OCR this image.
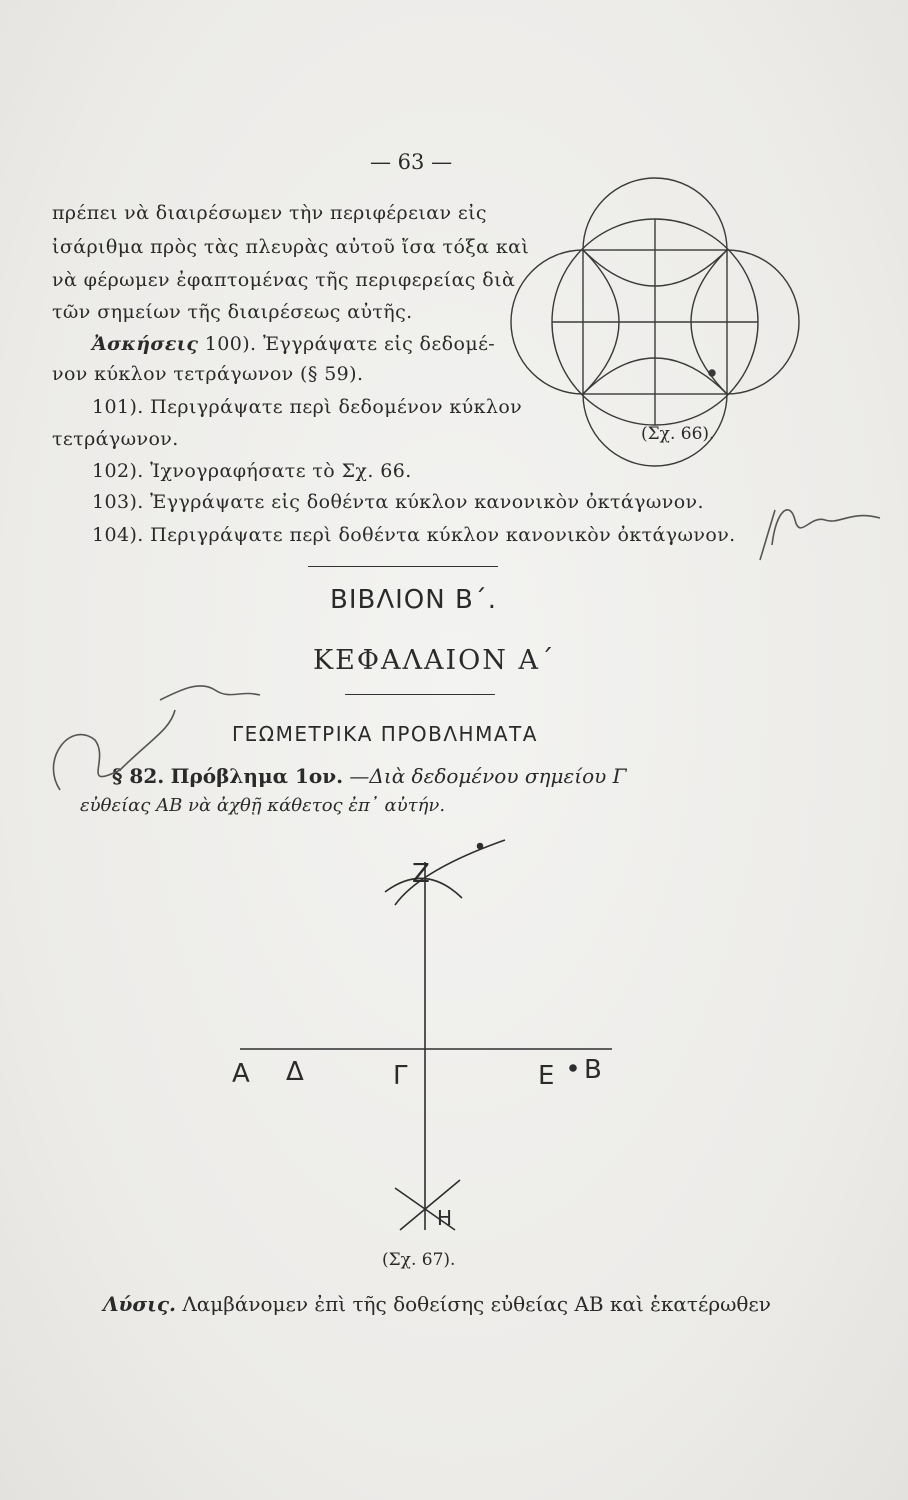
— 63 —
πρέπει νὰ διαιρέσωμεν τὴν περιφέρειαν εἰς
ἰσάριθμα πρὸς τὰς πλευρὰς αὐτοῦ ἴσα τόξα καὶ
νὰ φέρωμεν ἐφαπτομένας τῆς περιφερείας διὰ
τῶν σημείων τῆς διαιρέσεως αὐτῆς.
Ἀσκήσεις 100). Ἐγγράψατε εἰς δεδομέ-
νον κύκλον τετράγωνον (§ 59).
101). Περιγράψατε περὶ δεδομένον κύκλον
τετράγωνον.
102). Ἰχνογραφήσατε τὸ Σχ. 66.
103). Ἐγγράψατε εἰς δοθέντα κύκλον κανονικὸν ὀκτάγωνον.
104). Περιγράψατε περὶ δοθέντα κύκλον κανονικὸν ὀκτάγωνον.
(Σχ. 66).
ΒΙΒΛΙΟΝ Β΄.
ΚΕΦΑΛΑΙΟΝ Α΄
ΓΕΩΜΕΤΡΙΚΑ ΠΡΟΒΛΗΜΑΤΑ
§ 82. Πρόβλημα 1ον. —Διὰ δεδομένου σημείου Γ
εὐθείας ΑΒ νὰ ἀχθῇ κάθετος ἐπ᾿ αὐτήν.
Α Δ	Γ	Ε Β
Ζ
Η
(Σχ. 67).
Λύσις. Λαμβάνομεν ἐπὶ τῆς δοθείσης εὐθείας ΑΒ καὶ ἑκατέρωθεν
